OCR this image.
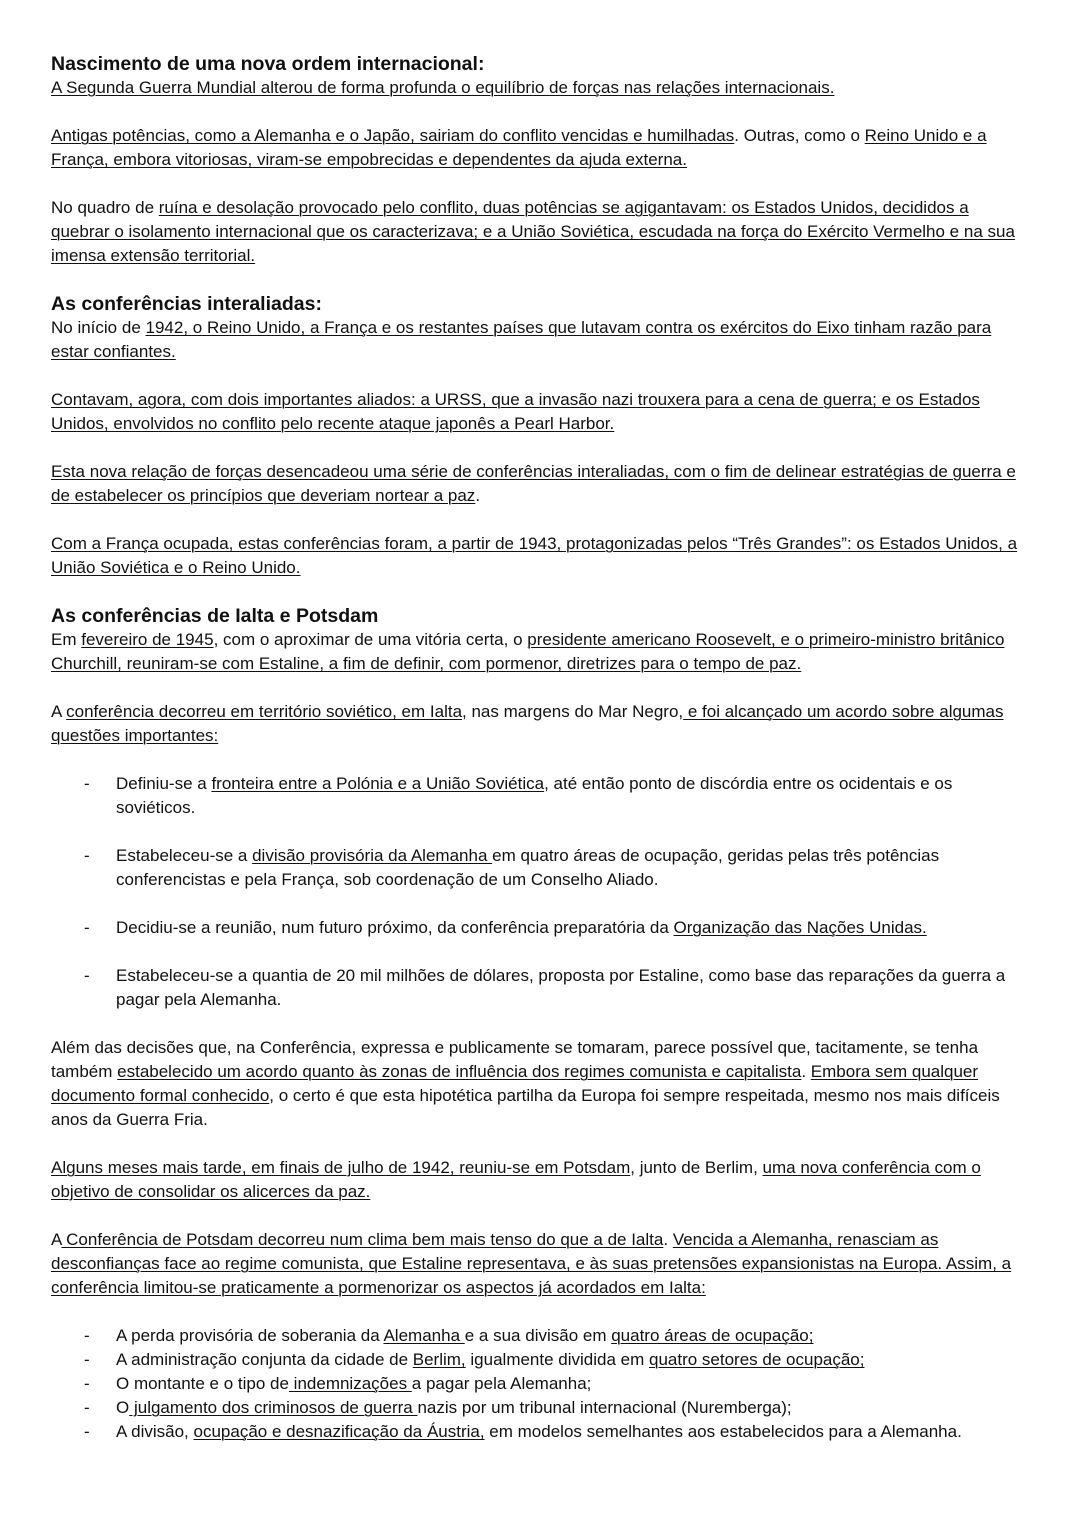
Nascimento de uma nova ordem internacional:

A Segunda Guerra Mundial alterou de forma profunda o equilíbrio de forças nas relações internacionais.

Antigas potências, como a Alemanha e o Japão, sairiam do conflito vencidas e humilhadas. Outras, como o Reino Unido e a França, embora vitoriosas, viram-se empobrecidas e dependentes da ajuda externa.

No quadro de ruína e desolação provocado pelo conflito, duas potências se agigantavam: os Estados Unidos, decididos a quebrar o isolamento internacional que os caracterizava; e a União Soviética, escudada na força do Exército Vermelho e na sua imensa extensão territorial.

As conferências interaliadas:

No início de 1942, o Reino Unido, a França e os restantes países que lutavam contra os exércitos do Eixo tinham razão para estar confiantes.

Contavam, agora, com dois importantes aliados: a URSS, que a invasão nazi trouxera para a cena de guerra; e os Estados Unidos, envolvidos no conflito pelo recente ataque japonês a Pearl Harbor.

Esta nova relação de forças desencadeou uma série de conferências interaliadas, com o fim de delinear estratégias de guerra e de estabelecer os princípios que deveriam nortear a paz.

Com a França ocupada, estas conferências foram, a partir de 1943, protagonizadas pelos “Três Grandes”: os Estados Unidos, a União Soviética e o Reino Unido.

As conferências de Ialta e Potsdam

Em fevereiro de 1945, com o aproximar de uma vitória certa, o presidente americano Roosevelt, e o primeiro-ministro britânico Churchill, reuniram-se com Estaline, a fim de definir, com pormenor, diretrizes para o tempo de paz.

A conferência decorreu em território soviético, em Ialta, nas margens do Mar Negro, e foi alcançado um acordo sobre algumas questões importantes:

- Definiu-se a fronteira entre a Polónia e a União Soviética, até então ponto de discórdia entre os ocidentais e os soviéticos.
- Estabeleceu-se a divisão provisória da Alemanha em quatro áreas de ocupação, geridas pelas três potências conferencistas e pela França, sob coordenação de um Conselho Aliado.
- Decidiu-se a reunião, num futuro próximo, da conferência preparatória da Organização das Nações Unidas.
- Estabeleceu-se a quantia de 20 mil milhões de dólares, proposta por Estaline, como base das reparações da guerra a pagar pela Alemanha.

Além das decisões que, na Conferência, expressa e publicamente se tomaram, parece possível que, tacitamente, se tenha também estabelecido um acordo quanto às zonas de influência dos regimes comunista e capitalista. Embora sem qualquer documento formal conhecido, o certo é que esta hipotética partilha da Europa foi sempre respeitada, mesmo nos mais difíceis anos da Guerra Fria.

Alguns meses mais tarde, em finais de julho de 1942, reuniu-se em Potsdam, junto de Berlim, uma nova conferência com o objetivo de consolidar os alicerces da paz.

A Conferência de Potsdam decorreu num clima bem mais tenso do que a de Ialta. Vencida a Alemanha, renasciam as desconfianças face ao regime comunista, que Estaline representava, e às suas pretensões expansionistas na Europa. Assim, a conferência limitou-se praticamente a pormenorizar os aspectos já acordados em Ialta:

- A perda provisória de soberania da Alemanha e a sua divisão em quatro áreas de ocupação;
- A administração conjunta da cidade de Berlim, igualmente dividida em quatro setores de ocupação;
- O montante e o tipo de indemnizações a pagar pela Alemanha;
- O julgamento dos criminosos de guerra nazis por um tribunal internacional (Nuremberga);
- A divisão, ocupação e desnazificação da Áustria, em modelos semelhantes aos estabelecidos para a Alemanha.
